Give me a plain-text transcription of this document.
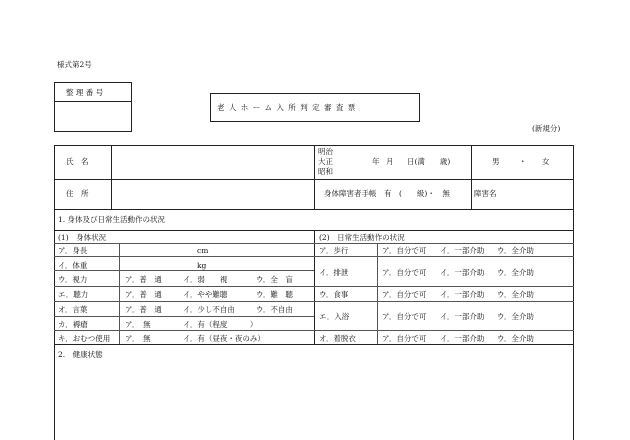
様式第2号
整 理 番 号
老 人 ホ ー ム 入 所 判 定 審 査 票
(新規分)
氏　名
明治
大正
昭和
年 月 日(満　　歳)	男	・ 女
住　所	身体障害者手帳　有　(　　級)・　無	障害名
1. 身体及び日常生活動作の状況
(1)　身体状況	(2)　日常生活動作の状況
ア．身長	cm
イ．体重	kg
ウ．視力	ア．普　通	イ．弱　　視	ウ．全　盲
エ．聴力	ア．普　通	イ．やや難聴	ウ．難　聴
オ．言葉	ア．普　通	イ．少し不自由	ウ．不自由
カ．褥瘡	ア．　無	イ．有（程度　　　）
キ．おむつ使用 ア．　無	イ．有（昼夜・夜のみ）
ア．歩行	ア．自分で可 イ．一部介助 ウ．全介助
イ．排泄	ア．自分で可 イ．一部介助 ウ．全介助
ウ．食事	ア．自分で可 イ．一部介助 ウ．全介助
エ．入浴	ア．自分で可 イ．一部介助 ウ．全介助
オ．着脱衣	ア．自分で可 イ．一部介助 ウ．全介助
2.　健康状態
